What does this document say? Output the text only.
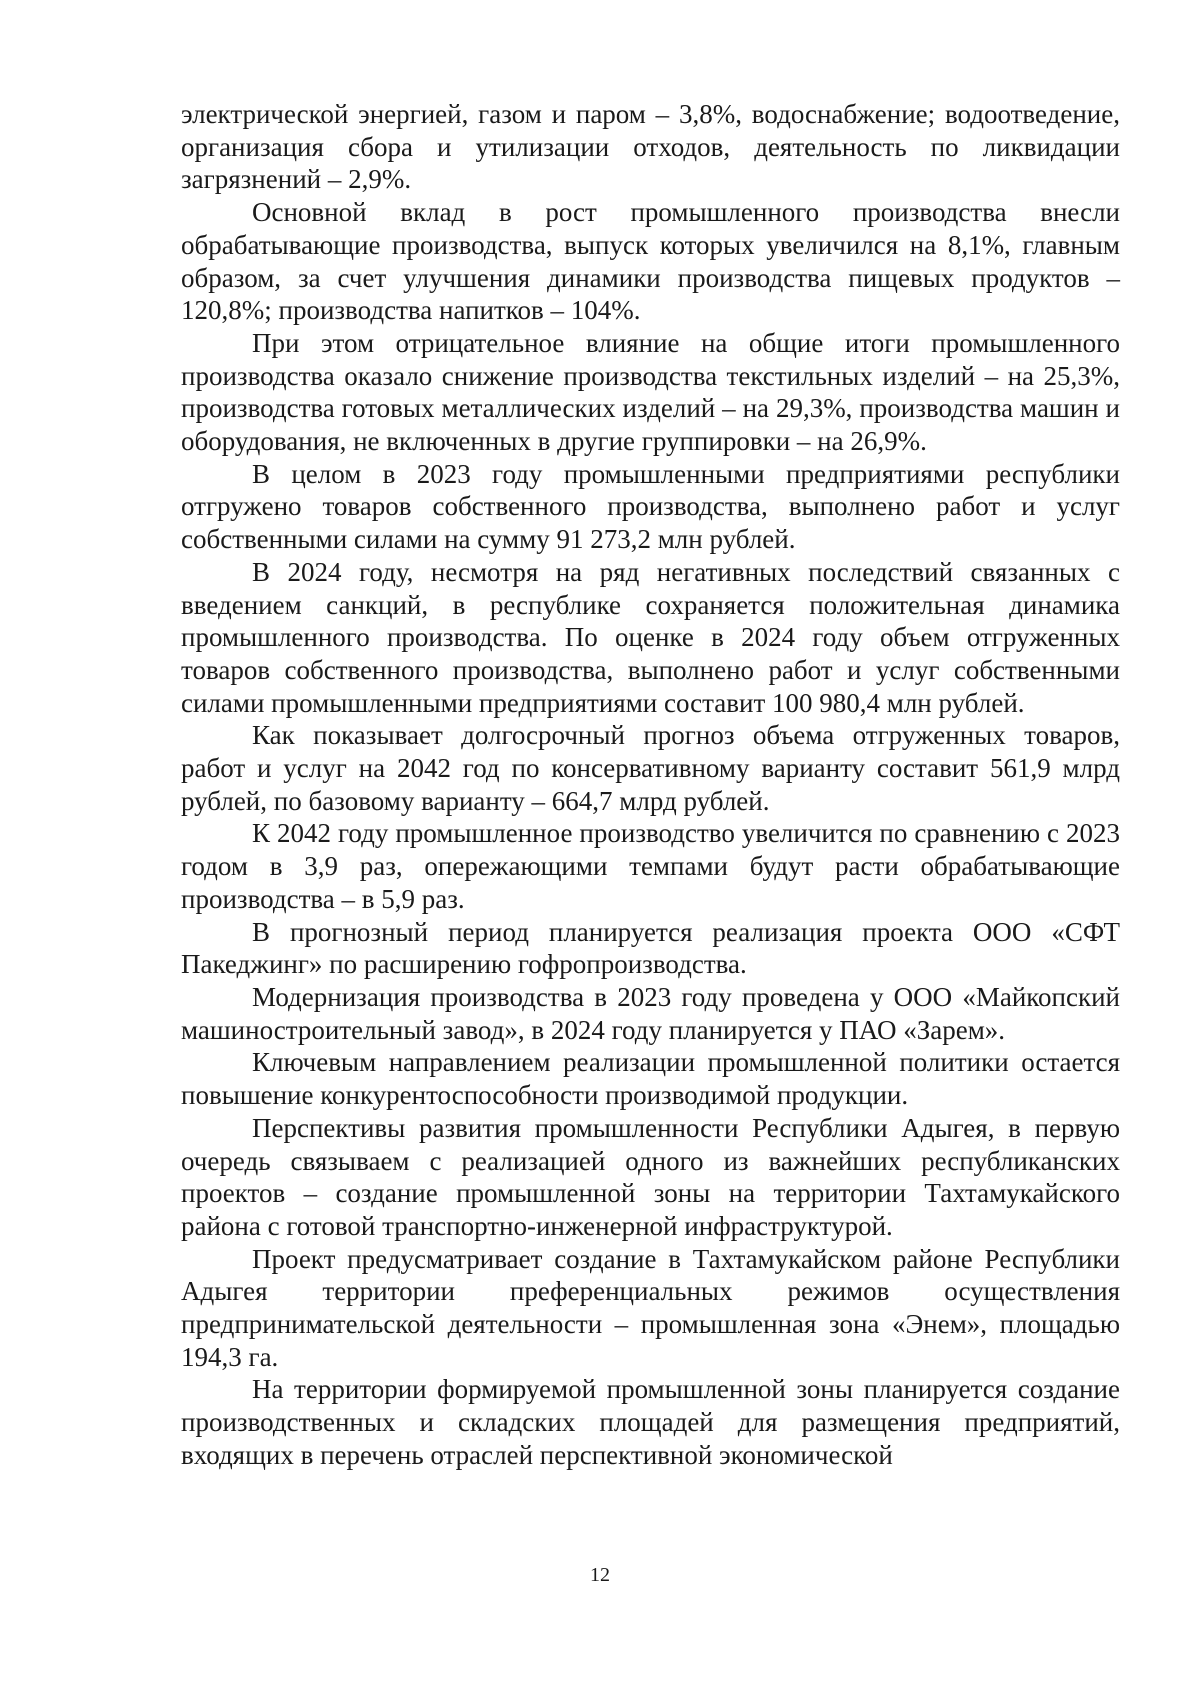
электрической энергией, газом и паром – 3,8%, водоснабжение; водоотведение, организация сбора и утилизации отходов, деятельность по ликвидации загрязнений – 2,9%.

Основной вклад в рост промышленного производства внесли обрабатывающие производства, выпуск которых увеличился на 8,1%, главным образом, за счет улучшения динамики производства пищевых продуктов – 120,8%; производства напитков – 104%.

При этом отрицательное влияние на общие итоги промышленного производства оказало снижение производства текстильных изделий – на 25,3%, производства готовых металлических изделий – на 29,3%, производства машин и оборудования, не включенных в другие группировки – на 26,9%.

В целом в 2023 году промышленными предприятиями республики отгружено товаров собственного производства, выполнено работ и услуг собственными силами на сумму 91 273,2 млн рублей.

В 2024 году, несмотря на ряд негативных последствий связанных с введением санкций, в республике сохраняется положительная динамика промышленного производства. По оценке в 2024 году объем отгруженных товаров собственного производства, выполнено работ и услуг собственными силами промышленными предприятиями составит 100 980,4 млн рублей.

Как показывает долгосрочный прогноз объема отгруженных товаров, работ и услуг на 2042 год по консервативному варианту составит 561,9 млрд рублей, по базовому варианту – 664,7 млрд рублей.

К 2042 году промышленное производство увеличится по сравнению с 2023 годом в 3,9 раз, опережающими темпами будут расти обрабатывающие производства – в 5,9 раз.

В прогнозный период планируется реализация проекта ООО «СФТ Пакеджинг» по расширению гофропроизводства.

Модернизация производства в 2023 году проведена у ООО «Майкопский машиностроительный завод», в 2024 году планируется у ПАО «Зарем».

Ключевым направлением реализации промышленной политики остается повышение конкурентоспособности производимой продукции.

Перспективы развития промышленности Республики Адыгея, в первую очередь связываем с реализацией одного из важнейших республиканских проектов – создание промышленной зоны на территории Тахтамукайского района с готовой транспортно-инженерной инфраструктурой.

Проект предусматривает создание в Тахтамукайском районе Республики Адыгея территории преференциальных режимов осуществления предпринимательской деятельности – промышленная зона «Энем», площадью 194,3 га.

На территории формируемой промышленной зоны планируется создание производственных и складских площадей для размещения предприятий, входящих в перечень отраслей перспективной экономической

12
